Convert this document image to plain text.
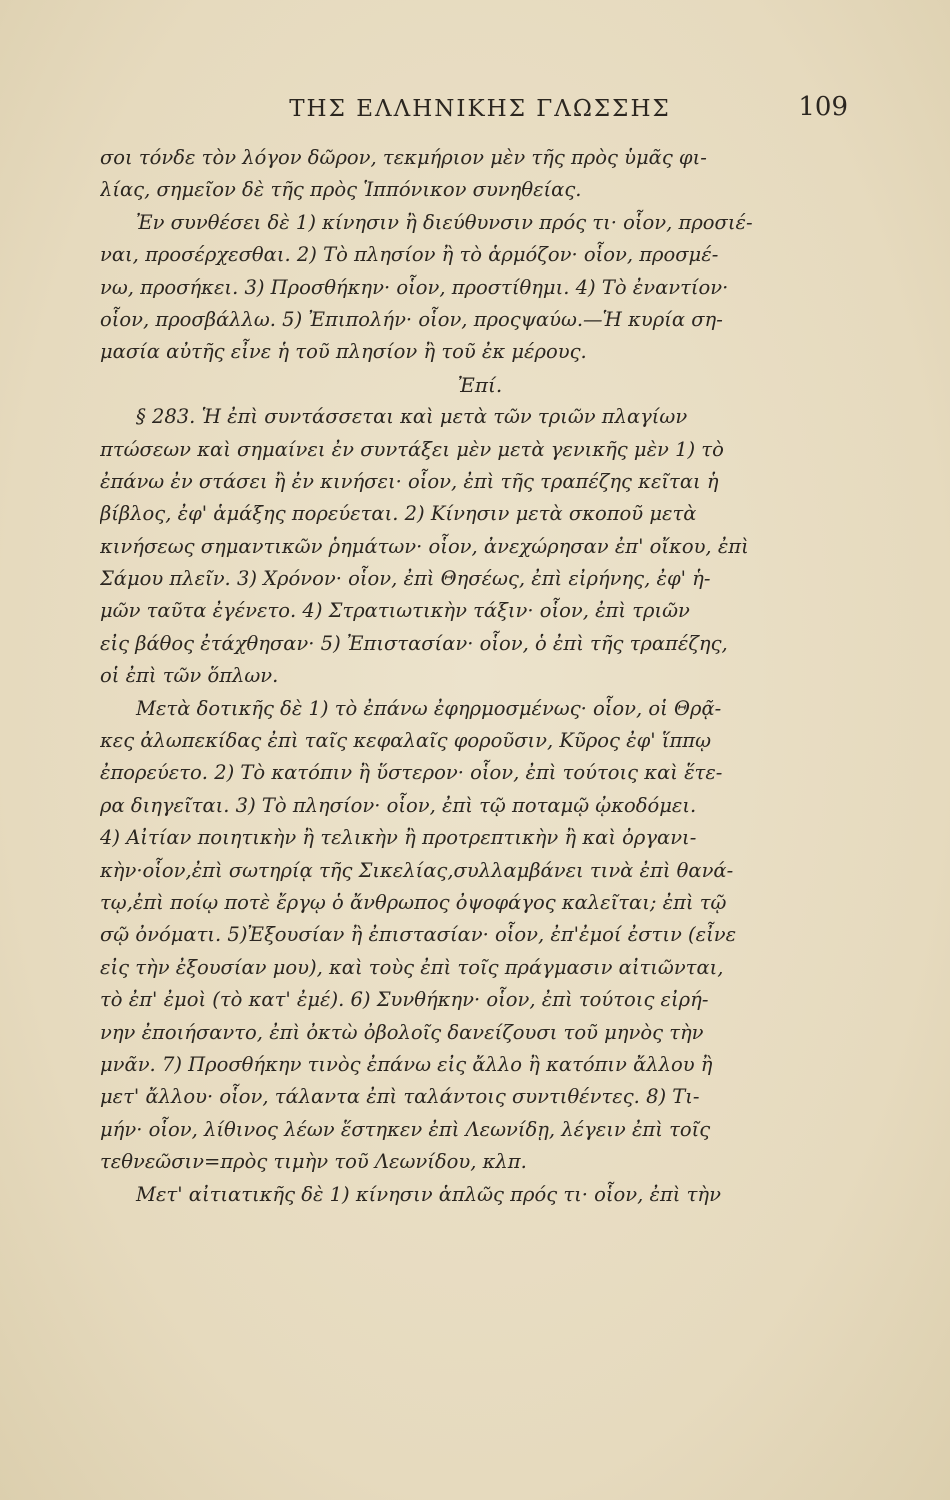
ΤΗΣ ΕΛΛΗΝΙΚΗΣ ΓΛΩΣΣΗΣ	109
σοι τόνδε τὸν λόγον δῶρον, τεκμήριον μὲν τῆς πρὸς ὑμᾶς φι-
λίας, σημεῖον δὲ τῆς πρὸς Ἱππόνικον συνηθείας.
Ἐν συνθέσει δὲ 1) κίνησιν ἢ διεύθυνσιν πρός τι· οἷον, προσιέ-
ναι, προσέρχεσθαι. 2) Τὸ πλησίον ἢ τὸ ἁρμόζον· οἷον, προσμέ-
νω, προσήκει. 3) Προσθήκην· οἷον, προστίθημι. 4) Τὸ ἐναντίον·
οἷον, προσβάλλω. 5) Ἐπιπολήν· οἷον, προςψαύω.—Ἡ κυρία ση-
μασία αὐτῆς εἶνε ἡ τοῦ πλησίον ἢ τοῦ ἐκ μέρους.
Ἐπί.
§ 283. Ἡ ἐπὶ συντάσσεται καὶ μετὰ τῶν τριῶν πλαγίων
πτώσεων καὶ σημαίνει ἐν συντάξει μὲν μετὰ γενικῆς μὲν 1) τὸ
ἐπάνω ἐν στάσει ἢ ἐν κινήσει· οἷον, ἐπὶ τῆς τραπέζης κεῖται ἡ
βίβλος, ἐφ' ἁμάξης πορεύεται. 2) Κίνησιν μετὰ σκοποῦ μετὰ
κινήσεως σημαντικῶν ῥημάτων· οἷον, ἀνεχώρησαν ἐπ' οἴκου, ἐπὶ
Σάμου πλεῖν. 3) Χρόνον· οἷον, ἐπὶ Θησέως, ἐπὶ εἰρήνης, ἐφ' ἡ-
μῶν ταῦτα ἐγένετο. 4) Στρατιωτικὴν τάξιν· οἷον, ἐπὶ τριῶν
εἰς βάθος ἐτάχθησαν· 5) Ἐπιστασίαν· οἷον, ὁ ἐπὶ τῆς τραπέζης,
οἱ ἐπὶ τῶν ὅπλων.
Μετὰ δοτικῆς δὲ 1) τὸ ἐπάνω ἐφηρμοσμένως· οἷον, οἱ Θρᾷ-
κες ἀλωπεκίδας ἐπὶ ταῖς κεφαλαῖς φοροῦσιν, Κῦρος ἐφ' ἵππῳ
ἐπορεύετο. 2) Τὸ κατόπιν ἢ ὕστερον· οἷον, ἐπὶ τούτοις καὶ ἕτε-
ρα διηγεῖται. 3) Τὸ πλησίον· οἷον, ἐπὶ τῷ ποταμῷ ᾠκοδόμει.
4) Αἰτίαν ποιητικὴν ἢ τελικὴν ἢ προτρεπτικὴν ἢ καὶ ὀργανι-
κὴν·οἷον,ἐπὶ σωτηρίᾳ τῆς Σικελίας,συλλαμβάνει τινὰ ἐπὶ θανά-
τῳ,ἐπὶ ποίῳ ποτὲ ἔργῳ ὁ ἄνθρωπος ὀψοφάγος καλεῖται; ἐπὶ τῷ
σῷ ὀνόματι. 5)Ἐξουσίαν ἢ ἐπιστασίαν· οἷον, ἐπ'ἐμοί ἐστιν (εἶνε
εἰς τὴν ἐξουσίαν μου), καὶ τοὺς ἐπὶ τοῖς πράγμασιν αἰτιῶνται,
τὸ ἐπ' ἐμοὶ (τὸ κατ' ἐμέ). 6) Συνθήκην· οἷον, ἐπὶ τούτοις εἰρή-
νην ἐποιήσαντο, ἐπὶ ὀκτὼ ὀβολοῖς δανείζουσι τοῦ μηνὸς τὴν
μνᾶν. 7) Προσθήκην τινὸς ἐπάνω εἰς ἄλλο ἢ κατόπιν ἄλλου ἢ
μετ' ἄλλου· οἷον, τάλαντα ἐπὶ ταλάντοις συντιθέντες. 8) Τι-
μήν· οἷον, λίθινος λέων ἕστηκεν ἐπὶ Λεωνίδῃ, λέγειν ἐπὶ τοῖς
τεθνεῶσιν=πρὸς τιμὴν τοῦ Λεωνίδου, κλπ.
Μετ' αἰτιατικῆς δὲ 1) κίνησιν ἁπλῶς πρός τι· οἷον, ἐπὶ τὴν
